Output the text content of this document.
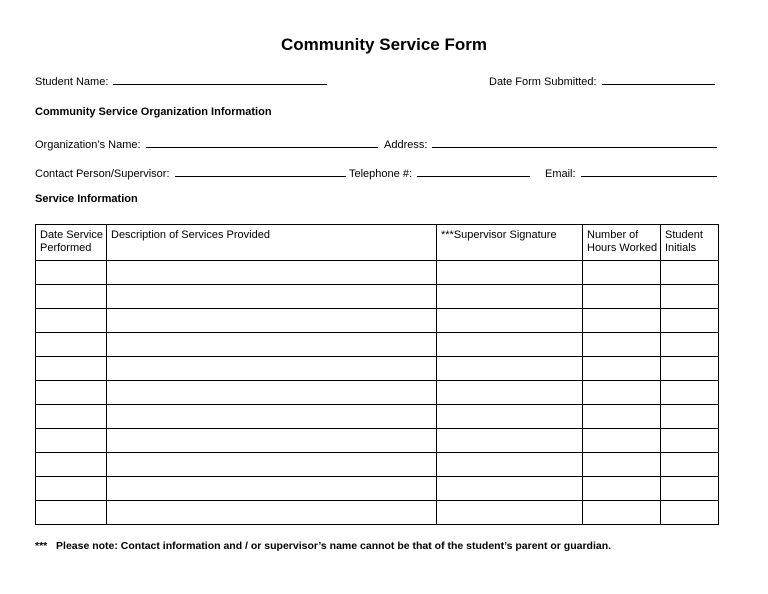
Community Service Form
Student Name:	Date Form Submitted:
Community Service Organization Information
Organization’s Name:	Address:
Contact Person/Supervisor:	Telephone #:	Email:
Service Information
Date Service Performed	Description of Services Provided	***Supervisor Signature	Number of Hours Worked	Student Initials

*** Please note: Contact information and / or supervisor’s name cannot be that of the student’s parent or guardian.
